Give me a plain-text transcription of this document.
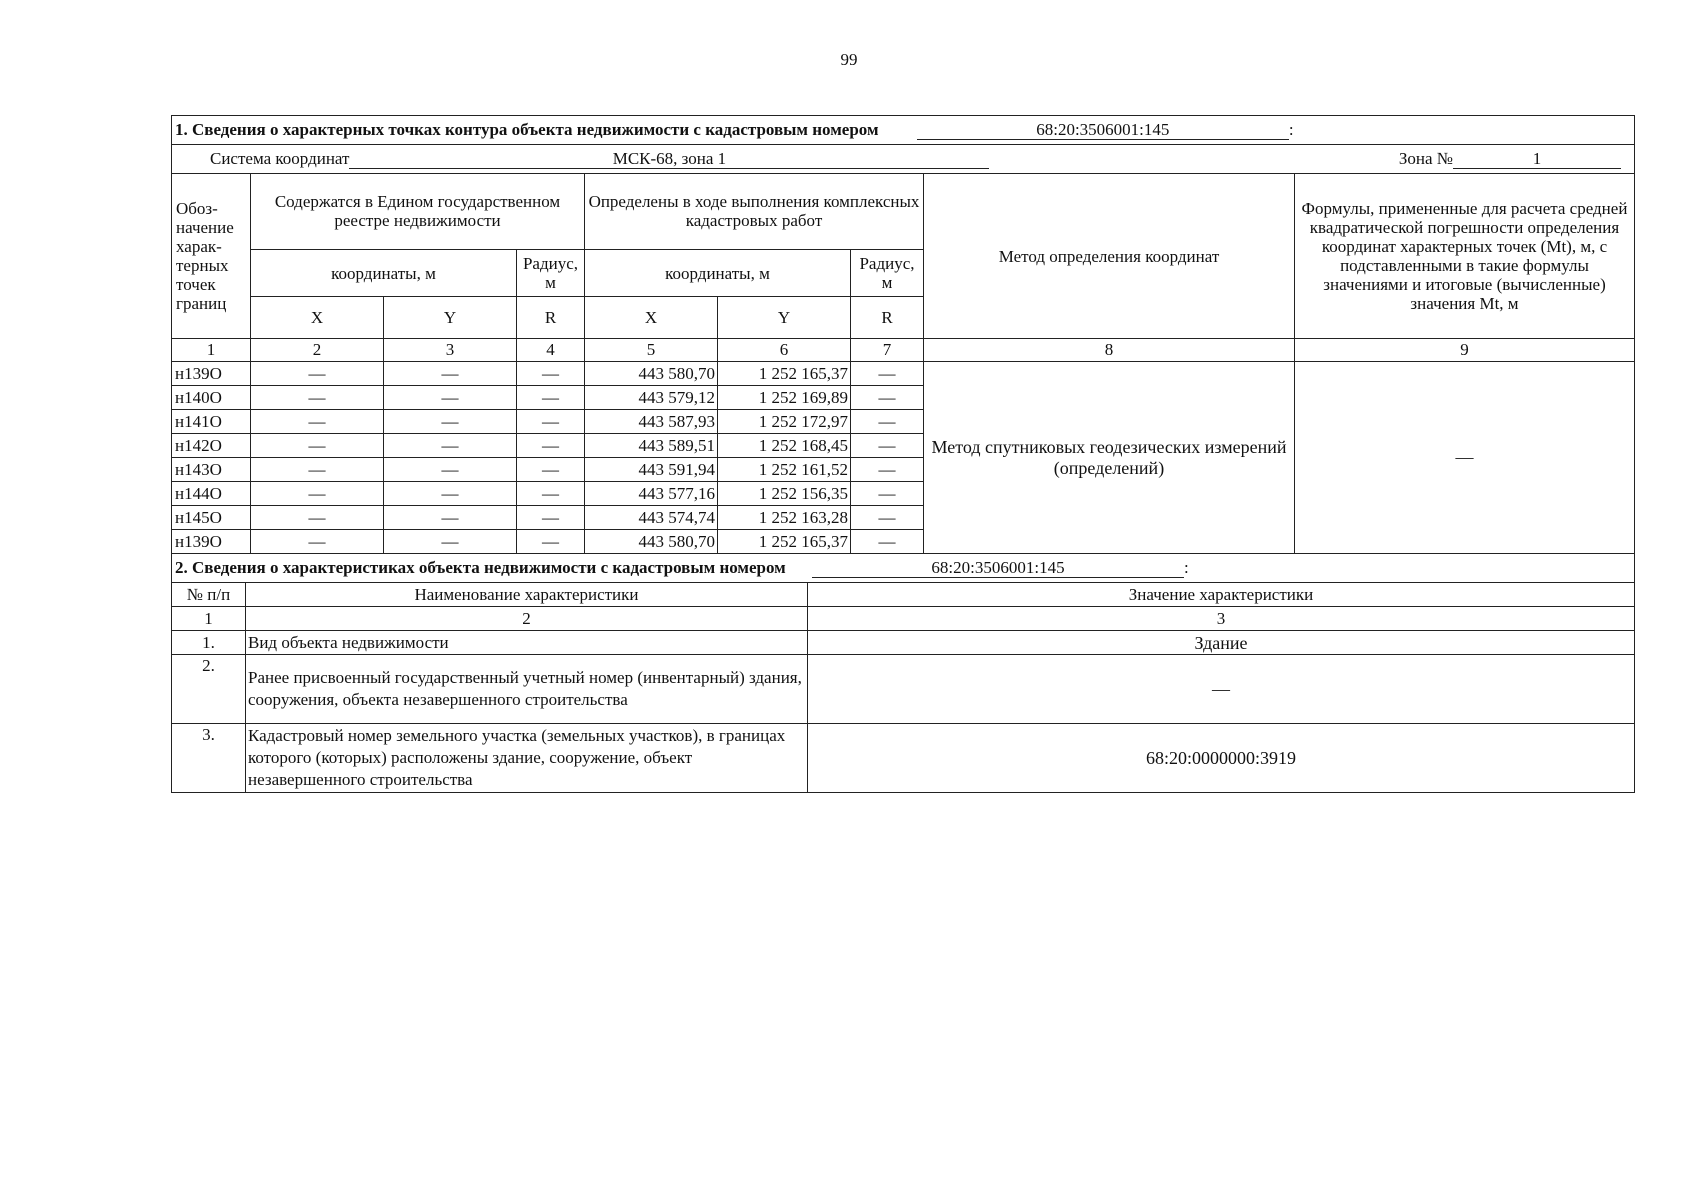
99
1. Сведения о характерных точках контура объекта недвижимости с кадастровым номером 68:20:3506001:145 :								
Система координат МСК-68, зона 1 Зона № 1								

Обоз-начение харак-терных точек границ	Содержатся в Едином государственном реестре недвижимости			Определены в ходе выполнения комплексных кадастровых работ			Метод определения координат	Формулы, примененные для расчета средней квадратической погрешности определения координат характерных точек (Mt), м, с подставленными в такие формулы значениями и итоговые (вычисленные) значения Mt, м
	координаты, м		Радиус, м	координаты, м		Радиус, м		
	X	Y	R	X	Y	R		
1	2	3	4	5	6	7	8	9
н139О	—	—	—	443 580,70	1 252 165,37	—	Метод спутниковых геодезических измерений (определений)	—
н140О	—	—	—	443 579,12	1 252 169,89	—		
н141О	—	—	—	443 587,93	1 252 172,97	—		
н142О	—	—	—	443 589,51	1 252 168,45	—		
н143О	—	—	—	443 591,94	1 252 161,52	—		
н144О	—	—	—	443 577,16	1 252 156,35	—		
н145О	—	—	—	443 574,74	1 252 163,28	—		
н139О	—	—	—	443 580,70	1 252 165,37	—		
2. Сведения о характеристиках объекта недвижимости с кадастровым номером 68:20:3506001:145 :		
№ п/п	Наименование характеристики	Значение характеристики
1	2	3
1.	Вид объекта недвижимости	Здание
2.	Ранее присвоенный государственный учетный номер (инвентарный) здания, сооружения, объекта незавершенного строительства	—
3.	Кадастровый номер земельного участка (земельных участков), в границах которого (которых) расположены здание, сооружение, объект незавершенного строительства	68:20:0000000:3919
